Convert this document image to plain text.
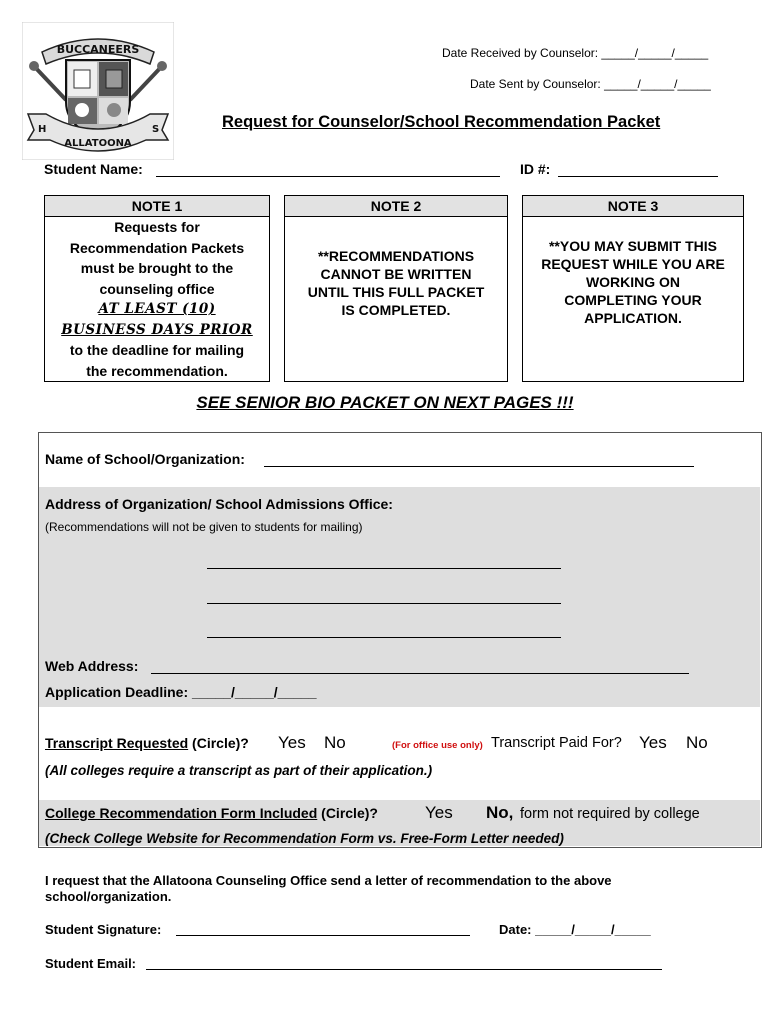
BUCCANEERS
H	S
ALLATOONA
Date Received by Counselor: _____/_____/_____
Date Sent by Counselor: _____/_____/_____
Request for Counselor/School Recommendation Packet
Student Name:	ID #:
NOTE 1
Requests for
Recommendation Packets
must be brought to the
counseling office
AT LEAST (10)
BUSINESS DAYS PRIOR
to the deadline for mailing
the recommendation.
NOTE 2
**RECOMMENDATIONS
CANNOT BE WRITTEN
UNTIL THIS FULL PACKET
IS COMPLETED.
NOTE 3
**YOU MAY SUBMIT THIS
REQUEST WHILE YOU ARE
WORKING ON
COMPLETING YOUR
APPLICATION.
SEE SENIOR BIO PACKET ON NEXT PAGES !!!
Name of School/Organization:
Address of Organization/ School Admissions Office:
(Recommendations will not be given to students for mailing)
Web Address:
Application Deadline: _____/_____/_____
Transcript Requested (Circle)? Yes No	(For office use only) Transcript Paid For? Yes No
(All colleges require a transcript as part of their application.)
College Recommendation Form Included (Circle)?	Yes No, form not required by college
(Check College Website for Recommendation Form vs. Free-Form Letter needed)
I request that the Allatoona Counseling Office send a letter of recommendation to the above
school/organization.
Student Signature:	Date: _____/_____/_____
Student Email:
